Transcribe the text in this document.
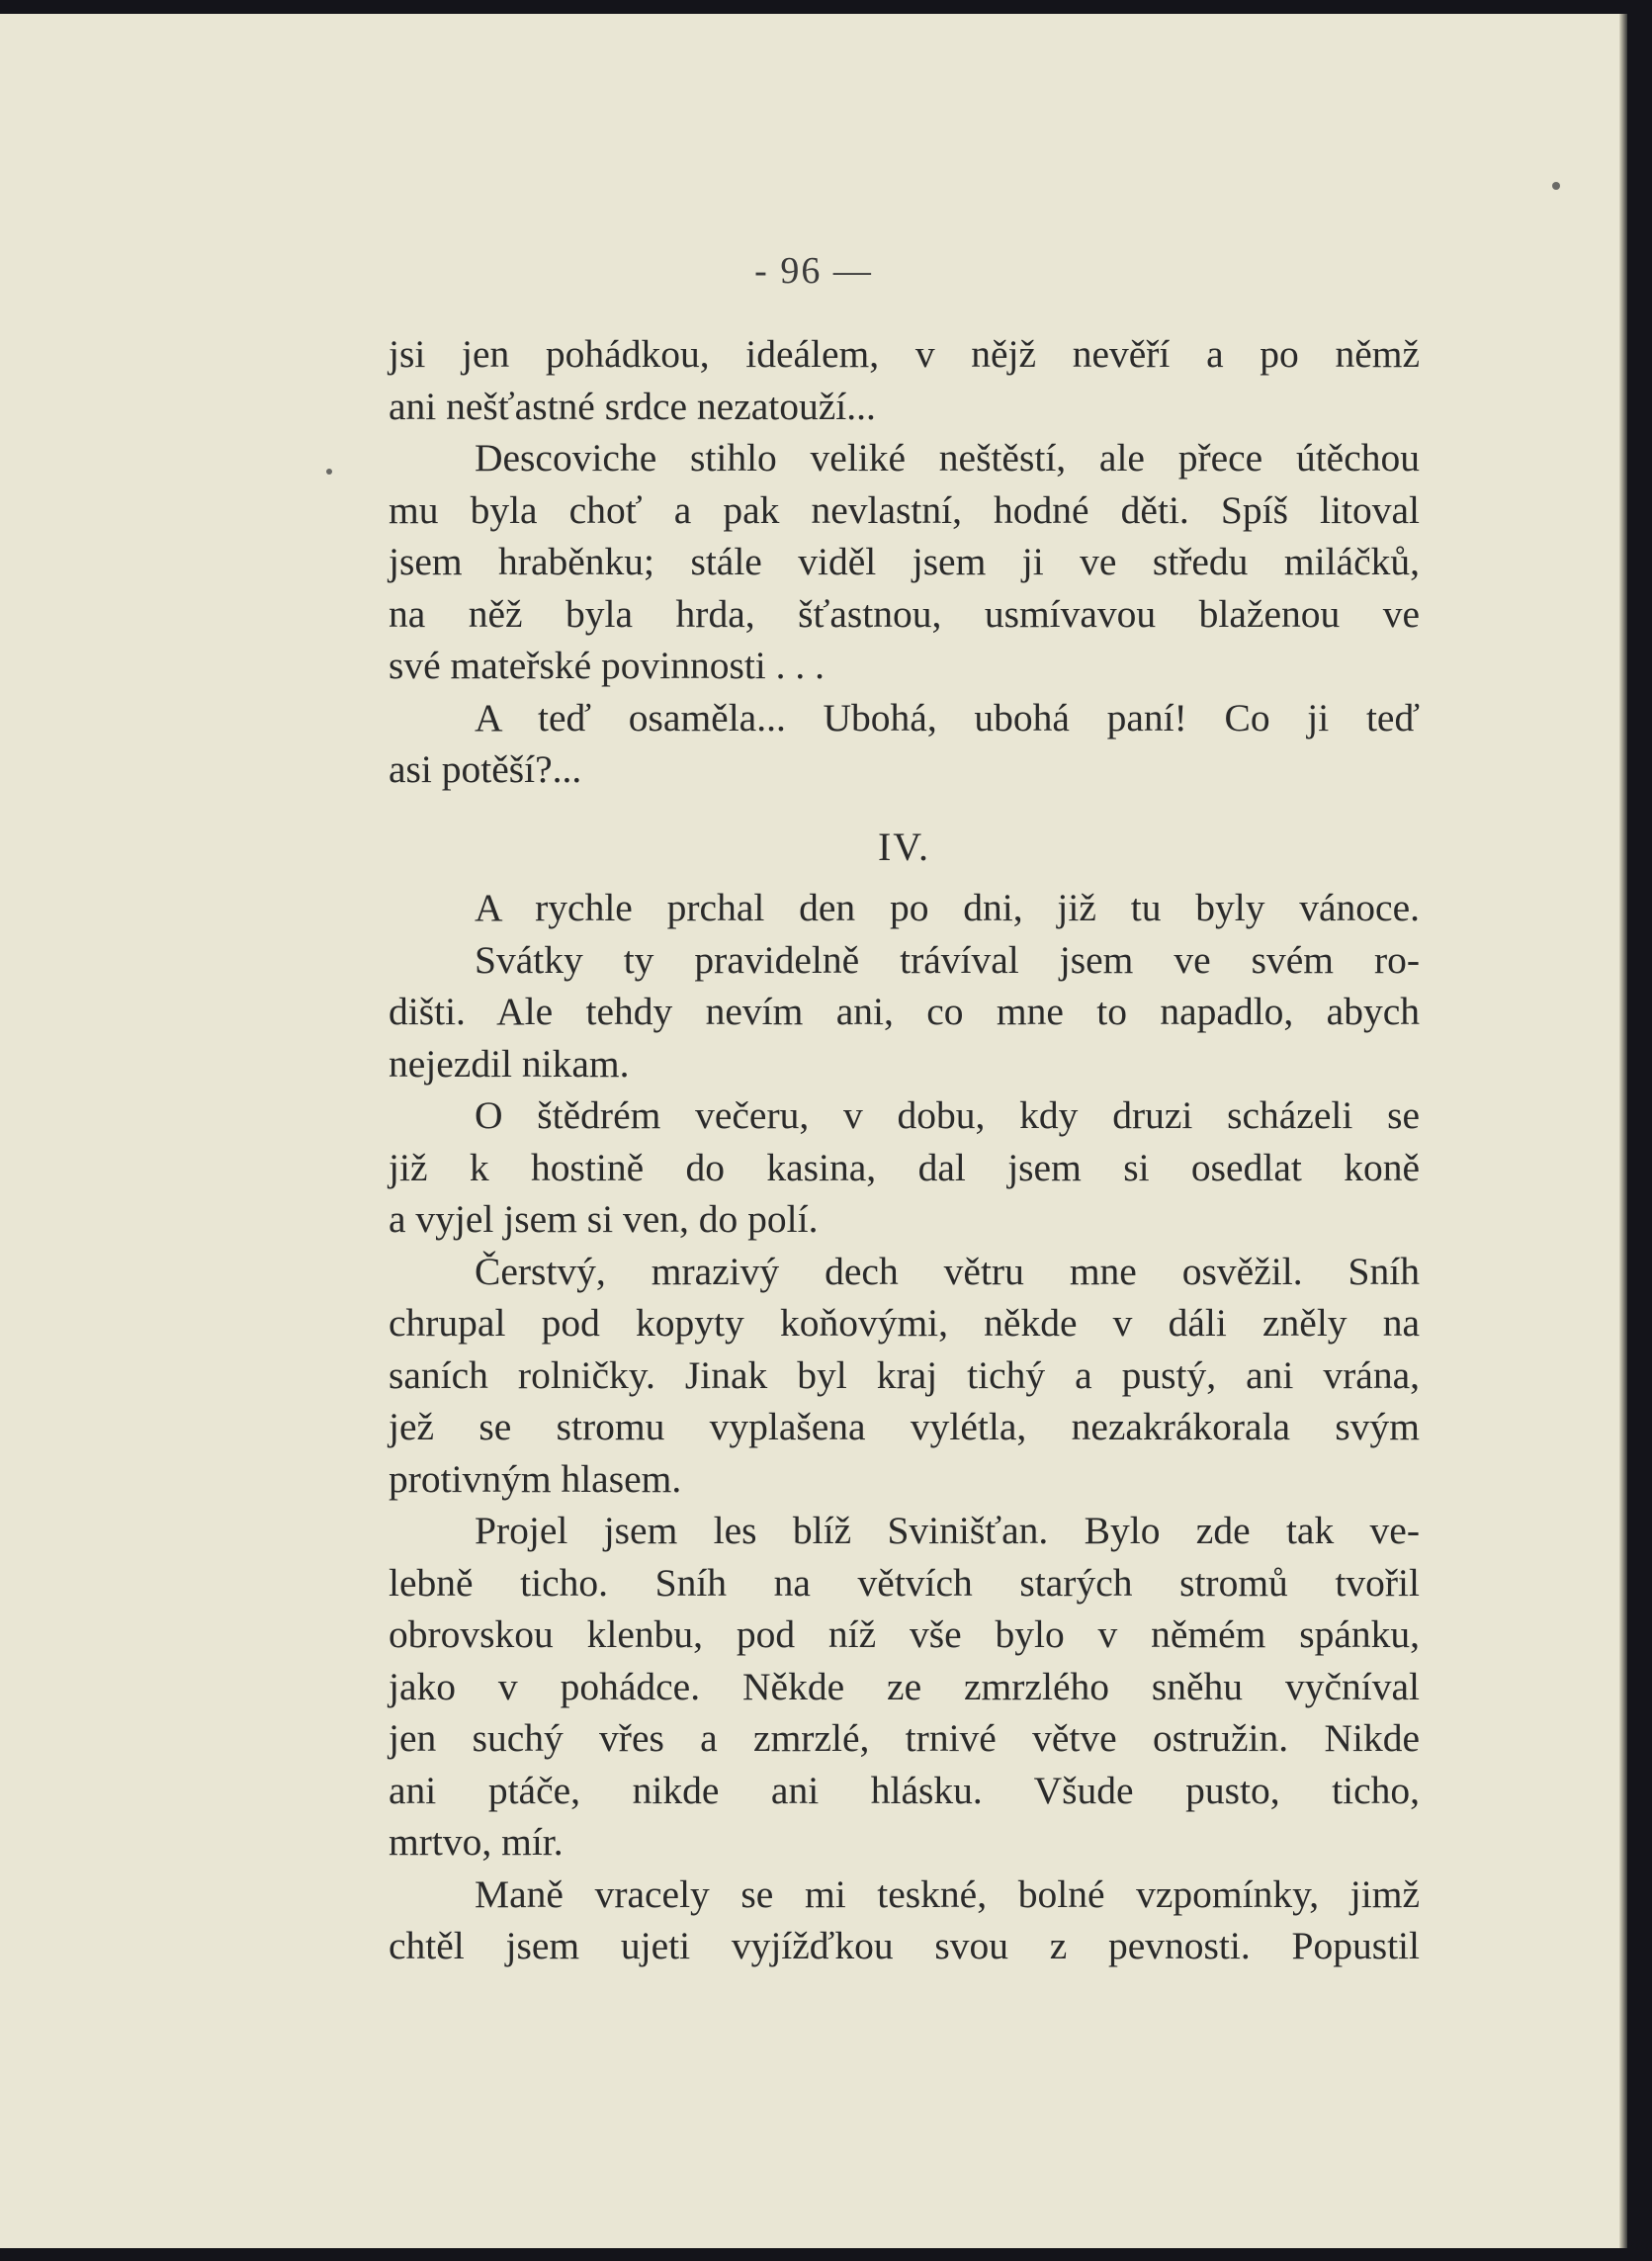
- 96 —

jsi jen pohádkou, ideálem, v nějž nevěří a po němž

ani nešťastné srdce nezatouží...

Descoviche stihlo veliké neštěstí, ale přece útěchou

mu byla choť a pak nevlastní, hodné děti. Spíš litoval

jsem hraběnku; stále viděl jsem ji ve středu miláčků,

na něž byla hrda, šťastnou, usmívavou blaženou ve

své mateřské povinnosti . . .

A teď osaměla... Ubohá, ubohá paní! Co ji teď

asi potěší?...

IV.

A rychle prchal den po dni, již tu byly vánoce.

Svátky ty pravidelně trávíval jsem ve svém ro-

dišti. Ale tehdy nevím ani, co mne to napadlo, abych

nejezdil nikam.

O štědrém večeru, v dobu, kdy druzi scházeli se

již k hostině do kasina, dal jsem si osedlat koně

a vyjel jsem si ven, do polí.

Čerstvý, mrazivý dech větru mne osvěžil. Sníh

chrupal pod kopyty koňovými, někde v dáli zněly na

saních rolničky. Jinak byl kraj tichý a pustý, ani vrána,

jež se stromu vyplašena vylétla, nezakrákorala svým

protivným hlasem.

Projel jsem les blíž Svinišťan. Bylo zde tak ve-

lebně ticho. Sníh na větvích starých stromů tvořil

obrovskou klenbu, pod níž vše bylo v němém spánku,

jako v pohádce. Někde ze zmrzlého sněhu vyčníval

jen suchý vřes a zmrzlé, trnivé větve ostružin. Nikde

ani ptáče, nikde ani hlásku. Všude pusto, ticho,

mrtvo, mír.

Maně vracely se mi teskné, bolné vzpomínky, jimž

chtěl jsem ujeti vyjížďkou svou z pevnosti. Popustil
